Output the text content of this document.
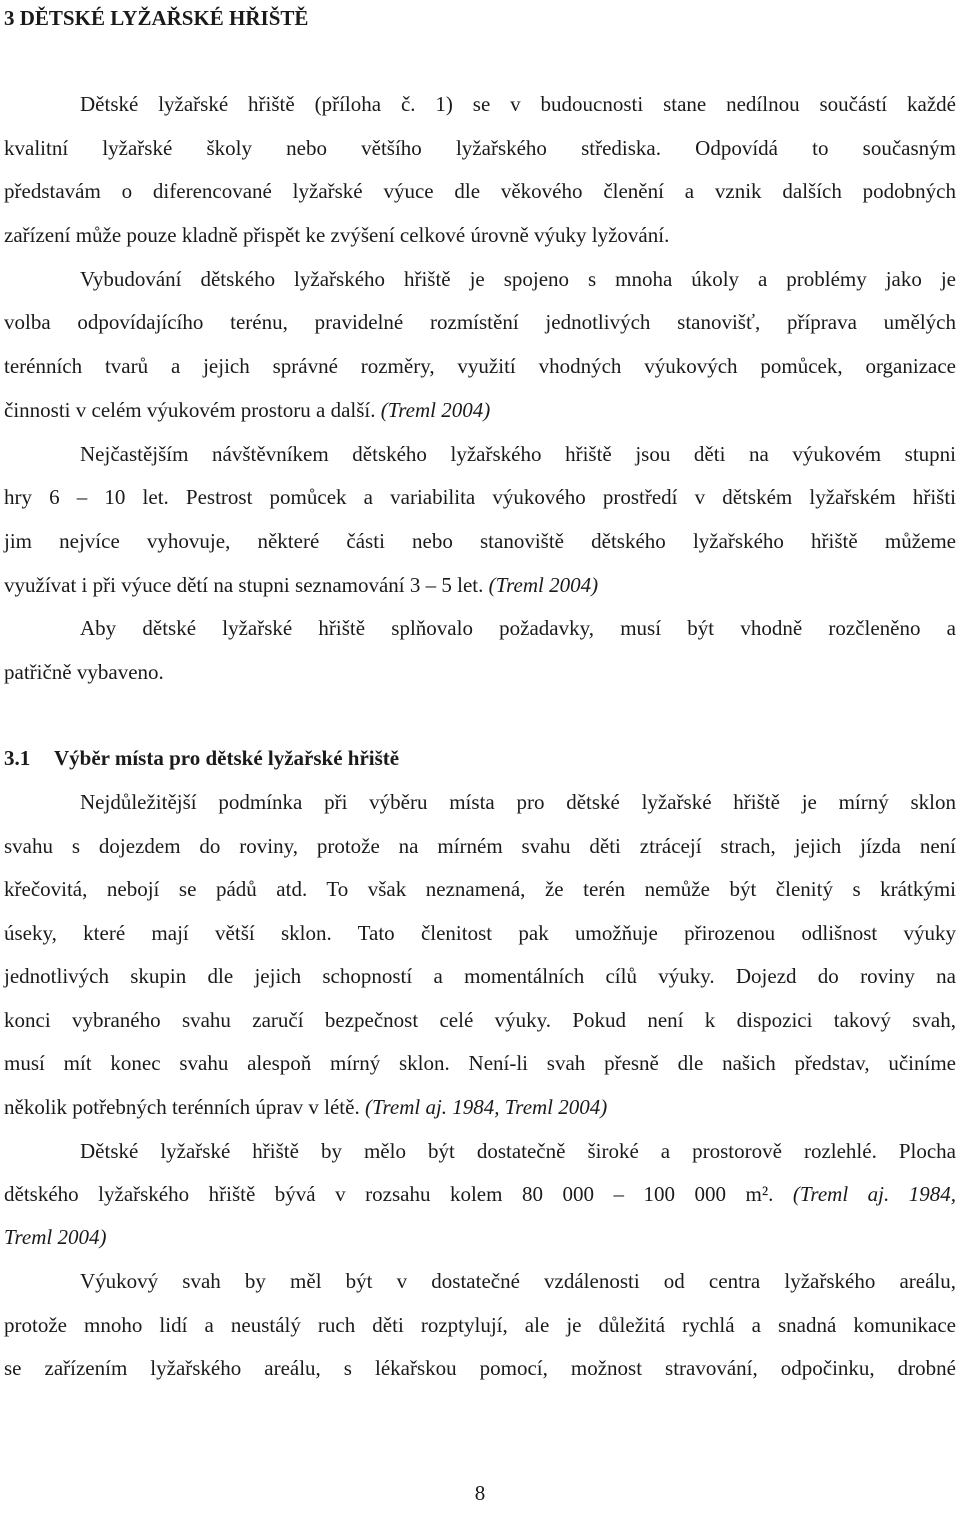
3 DĚTSKÉ LYŽAŘSKÉ HŘIŠTĚ

Dětské lyžařské hřiště (příloha č. 1) se v budoucnosti stane nedílnou součástí každé

kvalitní lyžařské školy nebo většího lyžařského střediska. Odpovídá to současným

představám o diferencované lyžařské výuce dle věkového členění a vznik dalších podobných

zařízení může pouze kladně přispět ke zvýšení celkové úrovně výuky lyžování.

Vybudování dětského lyžařského hřiště je spojeno s mnoha úkoly a problémy jako je

volba odpovídajícího terénu, pravidelné rozmístění jednotlivých stanovišť, příprava umělých

terénních tvarů a jejich správné rozměry, využití vhodných výukových pomůcek, organizace

činnosti v celém výukovém prostoru a další. (Treml 2004)

Nejčastějším návštěvníkem dětského lyžařského hřiště jsou děti na výukovém stupni

hry 6 – 10 let. Pestrost pomůcek a variabilita výukového prostředí v dětském lyžařském hřišti

jim nejvíce vyhovuje, některé části nebo stanoviště dětského lyžařského hřiště můžeme

využívat i při výuce dětí na stupni seznamování 3 – 5 let. (Treml 2004)

Aby dětské lyžařské hřiště splňovalo požadavky, musí být vhodně rozčleněno a

patřičně vybaveno.

3.1 Výběr místa pro dětské lyžařské hřiště

Nejdůležitější podmínka při výběru místa pro dětské lyžařské hřiště je mírný sklon

svahu s dojezdem do roviny, protože na mírném svahu děti ztrácejí strach, jejich jízda není

křečovitá, nebojí se pádů atd. To však neznamená, že terén nemůže být členitý s krátkými

úseky, které mají větší sklon. Tato členitost pak umožňuje přirozenou odlišnost výuky

jednotlivých skupin dle jejich schopností a momentálních cílů výuky. Dojezd do roviny na

konci vybraného svahu zaručí bezpečnost celé výuky. Pokud není k dispozici takový svah,

musí mít konec svahu alespoň mírný sklon. Není-li svah přesně dle našich představ, učiníme

několik potřebných terénních úprav v létě. (Treml aj. 1984, Treml 2004)

Dětské lyžařské hřiště by mělo být dostatečně široké a prostorově rozlehlé. Plocha

dětského lyžařského hřiště bývá v rozsahu kolem 80 000 – 100 000 m². (Treml aj. 1984,

Treml 2004)

Výukový svah by měl být v dostatečné vzdálenosti od centra lyžařského areálu,

protože mnoho lidí a neustálý ruch děti rozptylují, ale je důležitá rychlá a snadná komunikace

se zařízením lyžařského areálu, s lékařskou pomocí, možnost stravování, odpočinku, drobné

8
